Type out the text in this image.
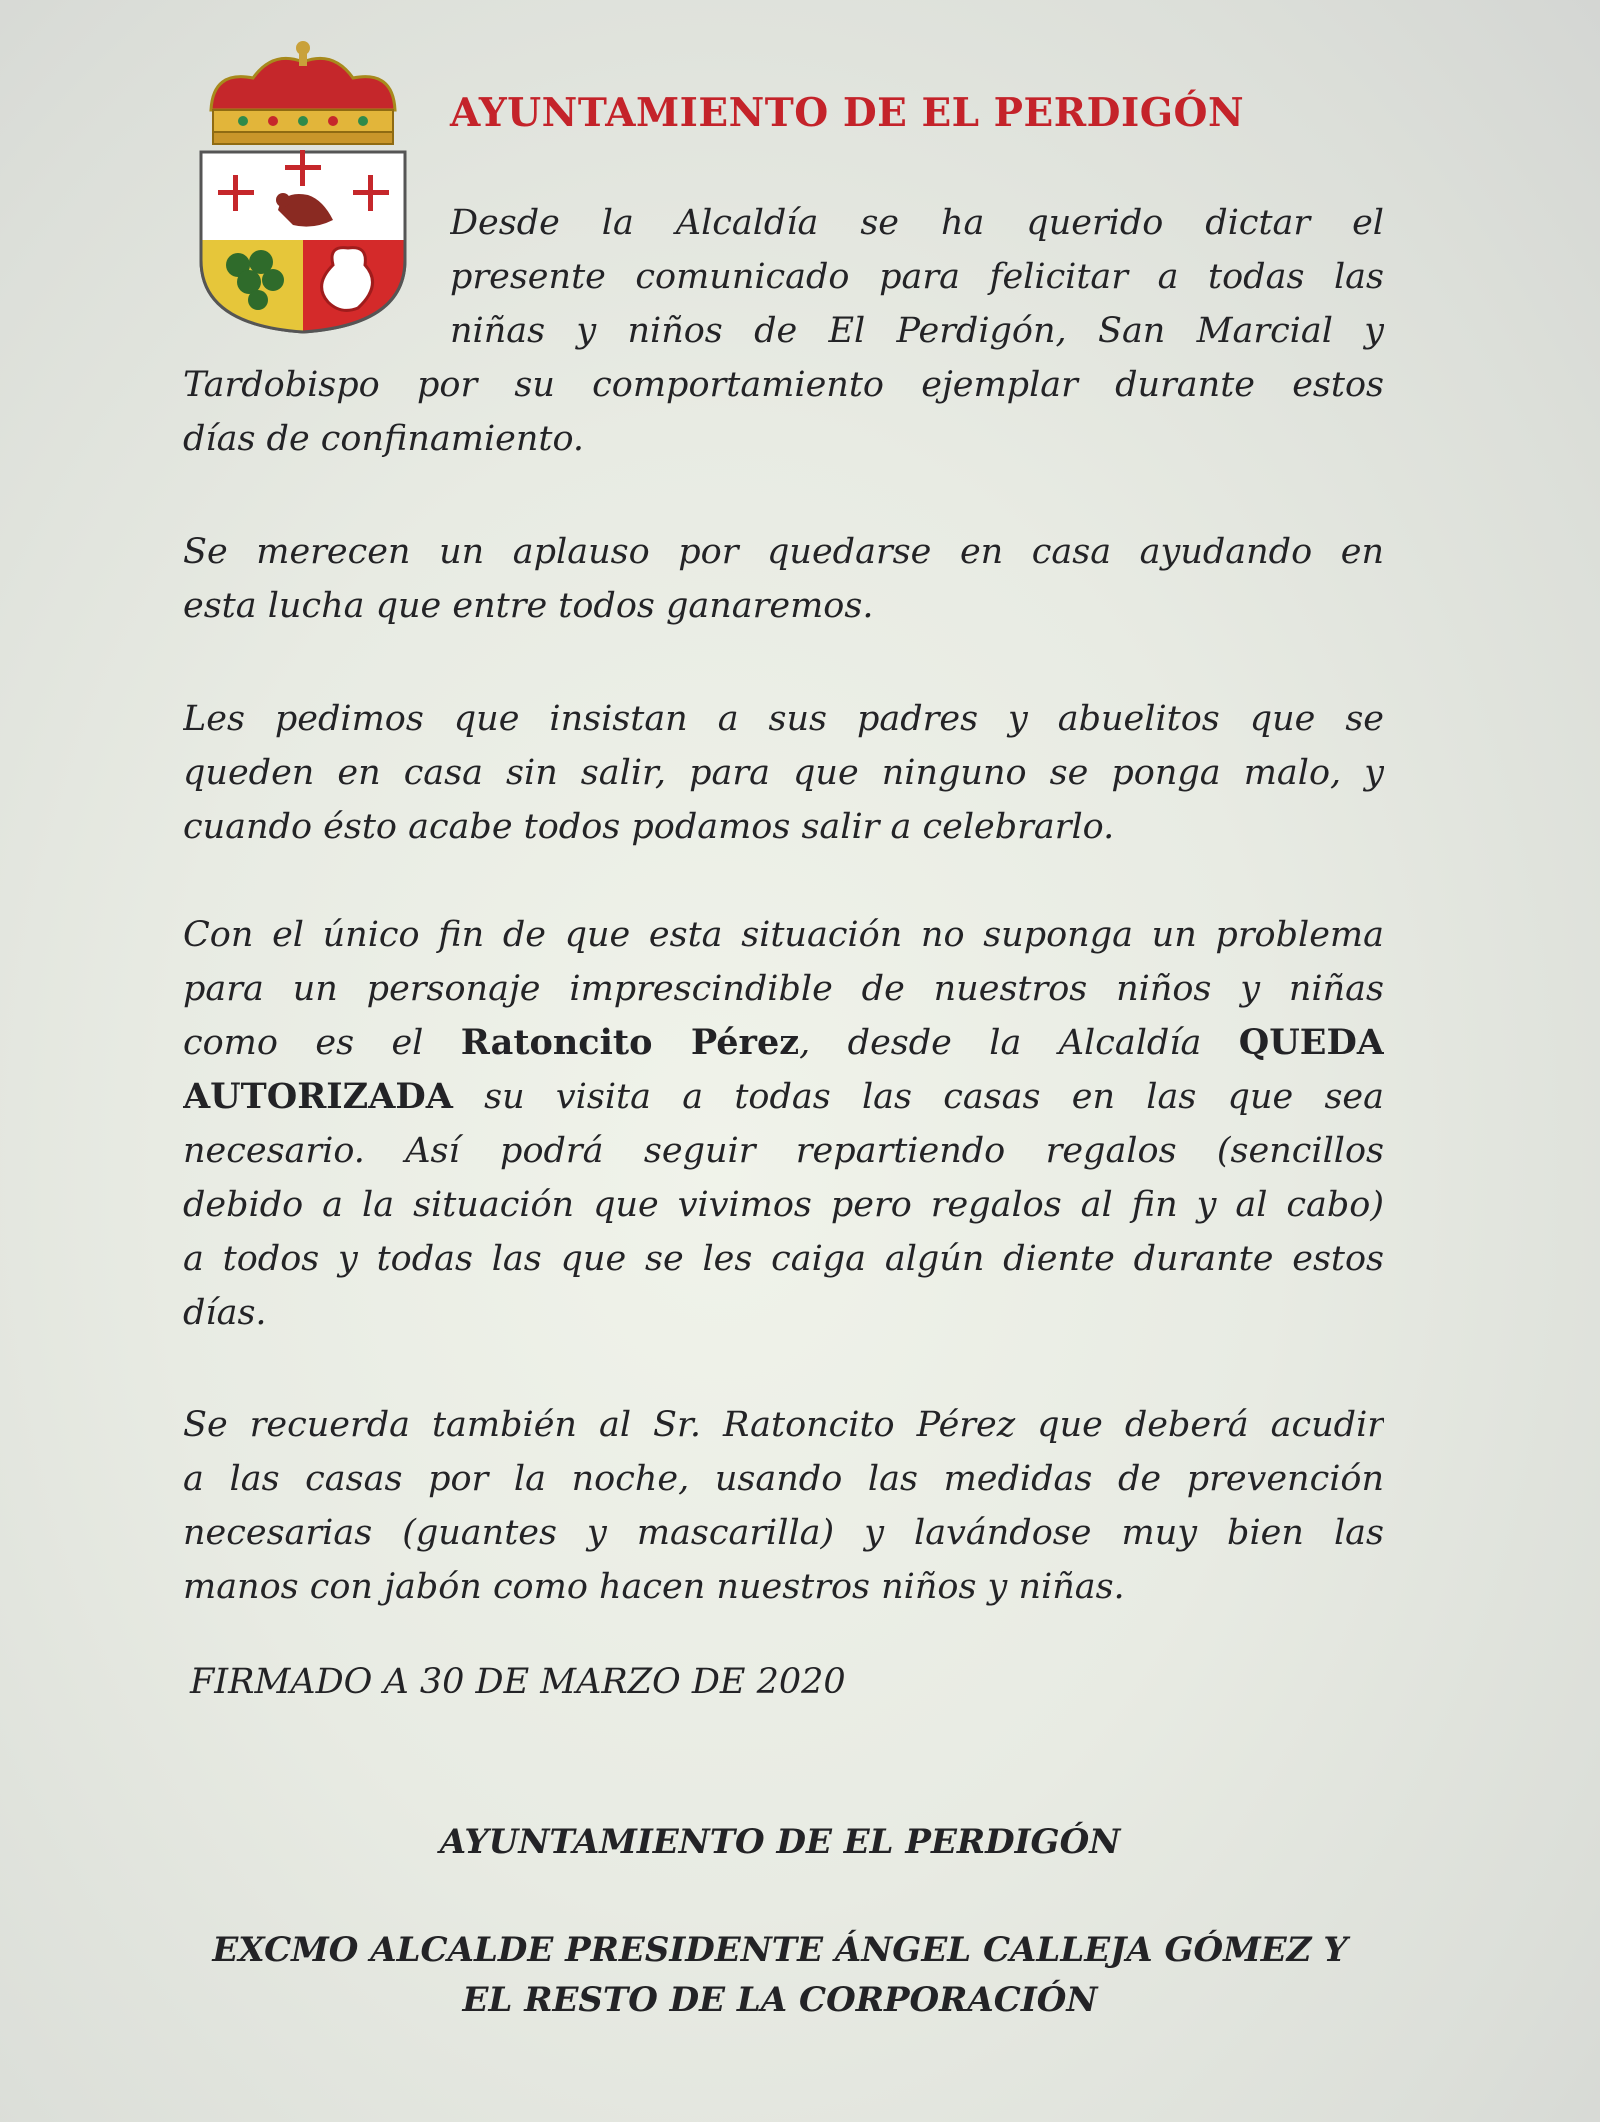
AYUNTAMIENTO DE EL PERDIGÓN
Desde la Alcaldía se ha querido dictar el
presente comunicado para felicitar a todas las
niñas y niños de El Perdigón, San Marcial y
Tardobispo por su comportamiento ejemplar durante estos
días de confinamiento.
Se merecen un aplauso por quedarse en casa ayudando en
esta lucha que entre todos ganaremos.
Les pedimos que insistan a sus padres y abuelitos que se
queden en casa sin salir, para que ninguno se ponga malo, y
cuando ésto acabe todos podamos salir a celebrarlo.
Con el único fin de que esta situación no suponga un problema
para un personaje imprescindible de nuestros niños y niñas
como es el Ratoncito Pérez, desde la Alcaldía QUEDA
AUTORIZADA su visita a todas las casas en las que sea
necesario. Así podrá seguir repartiendo regalos (sencillos
debido a la situación que vivimos pero regalos al fin y al cabo)
a todos y todas las que se les caiga algún diente durante estos
días.
Se recuerda también al Sr. Ratoncito Pérez que deberá acudir
a las casas por la noche, usando las medidas de prevención
necesarias (guantes y mascarilla) y lavándose muy bien las
manos con jabón como hacen nuestros niños y niñas.
FIRMADO A 30 DE MARZO DE 2020
AYUNTAMIENTO DE EL PERDIGÓN
EXCMO ALCALDE PRESIDENTE ÁNGEL CALLEJA GÓMEZ Y
EL RESTO DE LA CORPORACIÓN
